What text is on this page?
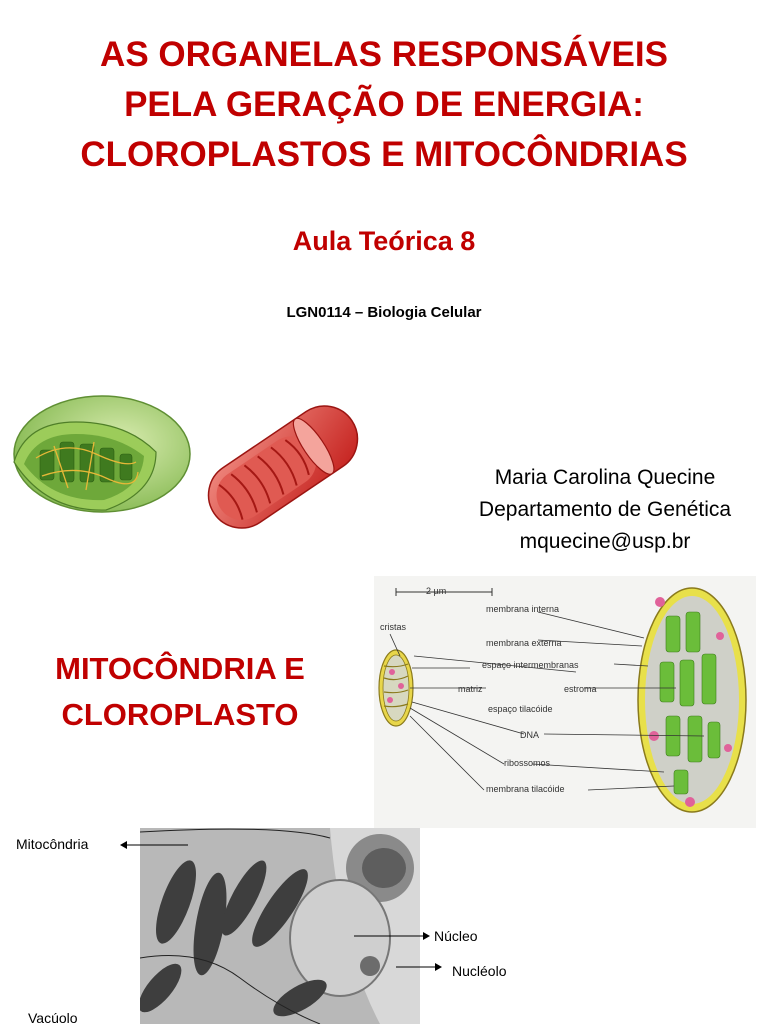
AS ORGANELAS RESPONSÁVEIS
PELA GERAÇÃO DE ENERGIA:
CLOROPLASTOS E MITOCÔNDRIAS
Aula Teórica 8
LGN0114 – Biologia Celular
Maria Carolina Quecine
Departamento de Genética
mquecine@usp.br
MITOCÔNDRIA E
CLOROPLASTO
2 µm
cristas
membrana interna
membrana externa
espaço intermembranas
matriz	estroma
espaço tilacóide
DNA
ribossomos
membrana tilacóide
Mitocôndria
Núcleo
Nucléolo
Vacúolo
